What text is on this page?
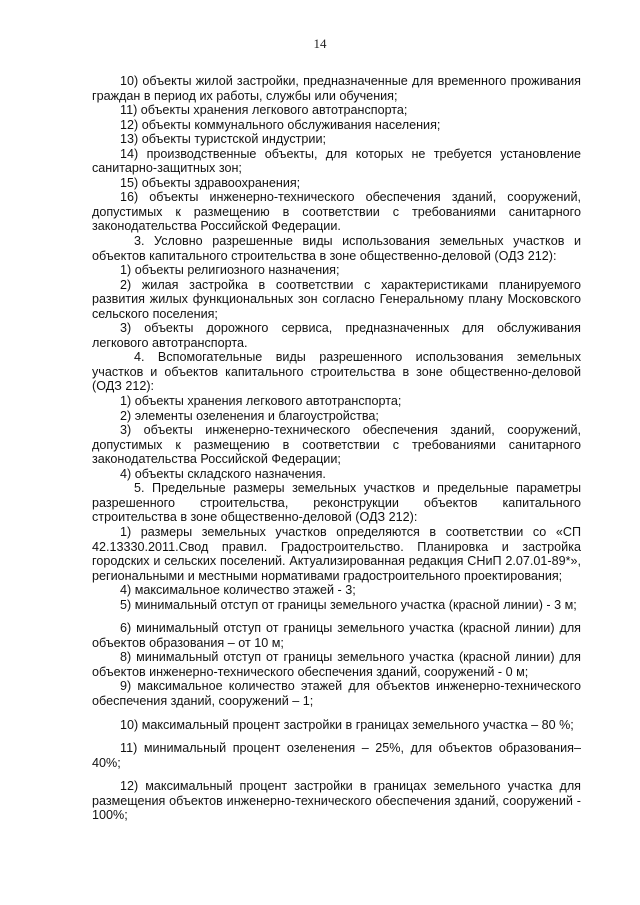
14

10) объекты жилой застройки, предназначенные для временного проживания граждан в период их работы, службы или обучения;

11) объекты хранения легкового автотранспорта;

12) объекты коммунального обслуживания населения;

13) объекты туристской индустрии;

14) производственные объекты, для которых не требуется установление санитарно-защитных зон;

15) объекты здравоохранения;

16) объекты инженерно-технического обеспечения зданий, сооружений, допустимых к размещению в соответствии с требованиями санитарного законодательства Российской Федерации.

3. Условно разрешенные виды использования земельных участков и объектов капитального строительства в зоне общественно-деловой (ОДЗ 212):

1) объекты религиозного назначения;

2) жилая застройка в соответствии с характеристиками планируемого развития жилых функциональных зон согласно Генеральному плану Московского сельского поселения;

3) объекты дорожного сервиса, предназначенных для обслуживания легкового автотранспорта.

4. Вспомогательные виды разрешенного использования земельных участков и объектов капитального строительства в зоне общественно-деловой (ОДЗ 212):

1) объекты хранения легкового автотранспорта;

2) элементы озеленения и благоустройства;

3) объекты инженерно-технического обеспечения зданий, сооружений, допустимых к размещению в соответствии с требованиями санитарного законодательства Российской Федерации;

4) объекты складского назначения.

5. Предельные размеры земельных участков и предельные параметры разрешенного строительства, реконструкции объектов капитального строительства в зоне общественно-деловой (ОДЗ 212):

1) размеры земельных участков определяются в соответствии со «СП 42.13330.2011.Свод правил. Градостроительство. Планировка и застройка городских и сельских поселений. Актуализированная редакция СНиП 2.07.01-89*», региональными и местными нормативами градостроительного проектирования;

4) максимальное количество этажей - 3;

5) минимальный отступ от границы земельного участка (красной линии) - 3 м;

6) минимальный отступ от границы земельного участка (красной линии) для объектов образования – от 10 м;

8) минимальный отступ от границы земельного участка (красной линии) для объектов инженерно-технического обеспечения зданий, сооружений - 0 м;

9) максимальное количество этажей для объектов инженерно-технического обеспечения зданий, сооружений – 1;

10) максимальный процент застройки в границах земельного участка – 80 %;

11) минимальный процент озеленения – 25%, для объектов образования– 40%;

12) максимальный процент застройки в границах земельного участка для размещения объектов инженерно-технического обеспечения зданий, сооружений - 100%;
